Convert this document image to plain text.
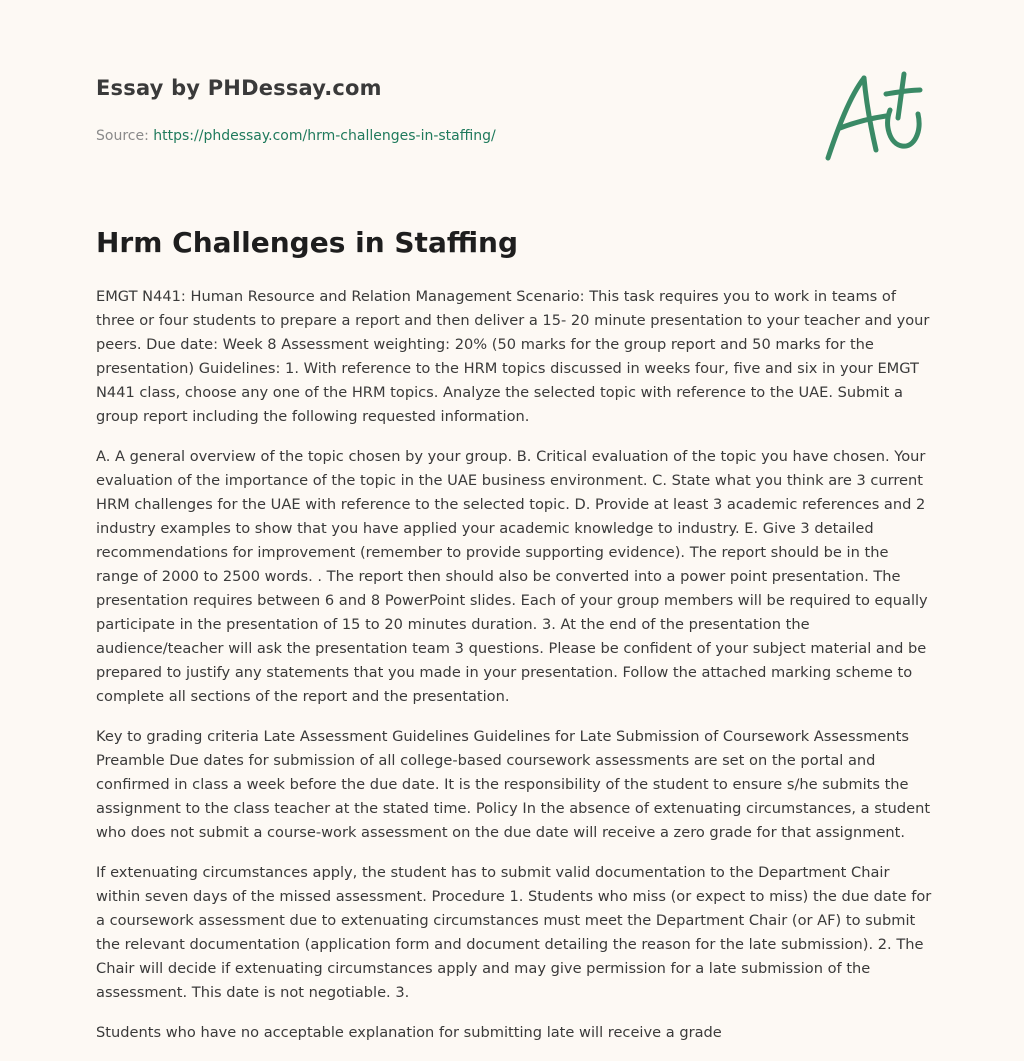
Essay by PHDessay.com
Source: https://phdessay.com/hrm-challenges-in-staffing/
Hrm Challenges in Staffing

EMGT N441: Human Resource and Relation Management Scenario: This task requires you to work in teams of three or four students to prepare a report and then deliver a 15- 20 minute presentation to your teacher and your peers. Due date: Week 8 Assessment weighting: 20% (50 marks for the group report and 50 marks for the presentation) Guidelines: 1. With reference to the HRM topics discussed in weeks four, five and six in your EMGT N441 class, choose any one of the HRM topics. Analyze the selected topic with reference to the UAE. Submit a group report including the following requested information.

A. A general overview of the topic chosen by your group. B. Critical evaluation of the topic you have chosen. Your evaluation of the importance of the topic in the UAE business environment. C. State what you think are 3 current HRM challenges for the UAE with reference to the selected topic. D. Provide at least 3 academic references and 2 industry examples to show that you have applied your academic knowledge to industry. E. Give 3 detailed recommendations for improvement (remember to provide supporting evidence). The report should be in the range of 2000 to 2500 words. . The report then should also be converted into a power point presentation. The presentation requires between 6 and 8 PowerPoint slides. Each of your group members will be required to equally participate in the presentation of 15 to 20 minutes duration. 3. At the end of the presentation the audience/teacher will ask the presentation team 3 questions. Please be confident of your subject material and be prepared to justify any statements that you made in your presentation. Follow the attached marking scheme to complete all sections of the report and the presentation.

Key to grading criteria Late Assessment Guidelines Guidelines for Late Submission of Coursework Assessments Preamble Due dates for submission of all college-based coursework assessments are set on the portal and confirmed in class a week before the due date. It is the responsibility of the student to ensure s/he submits the assignment to the class teacher at the stated time. Policy In the absence of extenuating circumstances, a student who does not submit a course-work assessment on the due date will receive a zero grade for that assignment.

If extenuating circumstances apply, the student has to submit valid documentation to the Department Chair within seven days of the missed assessment. Procedure 1. Students who miss (or expect to miss) the due date for a coursework assessment due to extenuating circumstances must meet the Department Chair (or AF) to submit the relevant documentation (application form and document detailing the reason for the late submission). 2. The Chair will decide if extenuating circumstances apply and may give permission for a late submission of the assessment. This date is not negotiable. 3.

Students who have no acceptable explanation for submitting late will receive a grade
